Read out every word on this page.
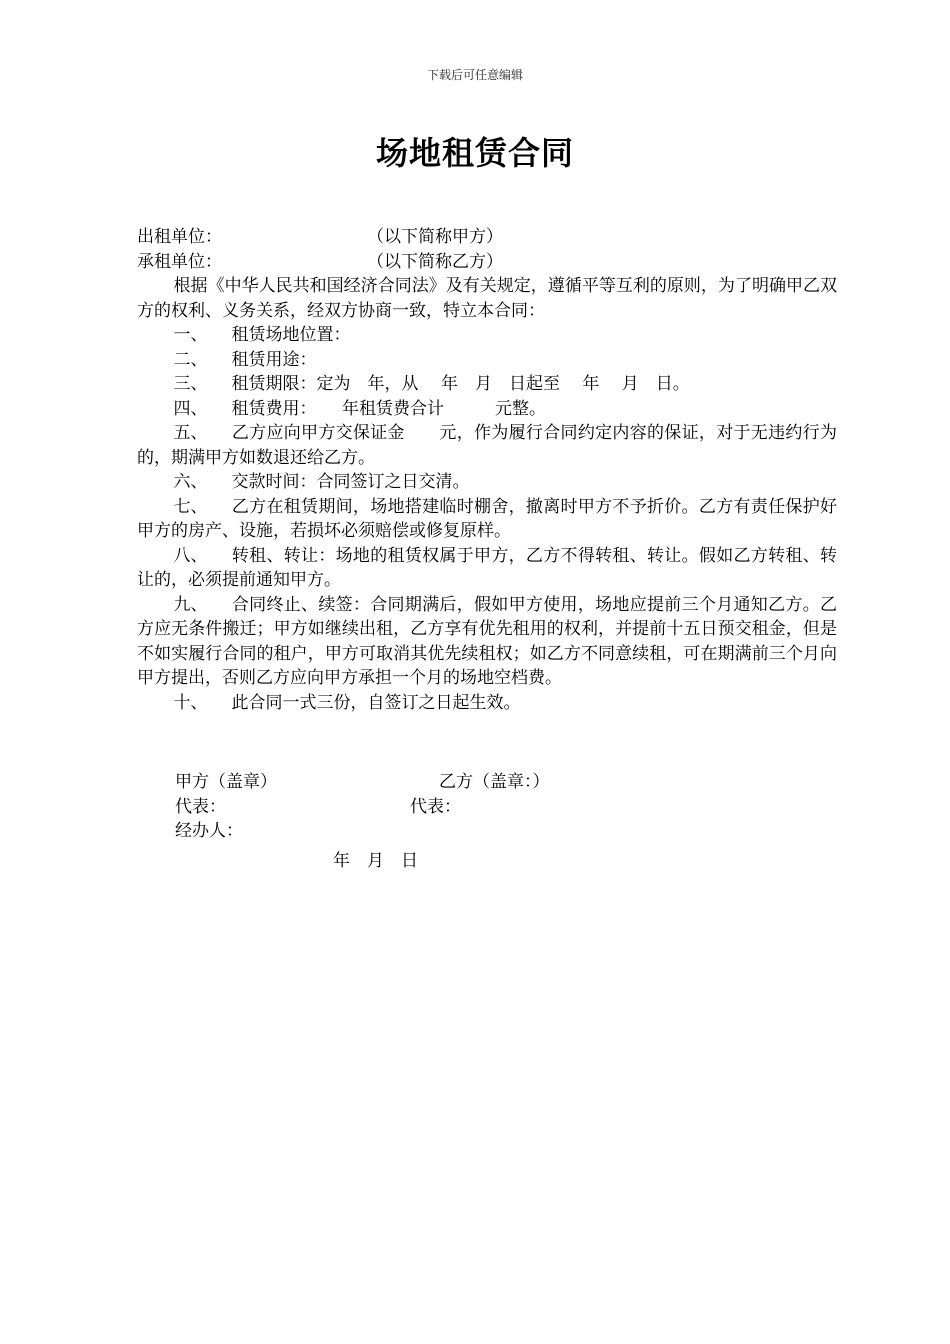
下载后可任意编辑
场地租赁合同
出租单位：	（以下简称甲方）
承租单位：	（以下简称乙方）
根据《中华人民共和国经济合同法》及有关规定，遵循平等互利的原则，为了明确甲乙双方的权利、义务关系，经双方协商一致，特立本合同：
一、 租赁场地位置：
二、 租赁用途：
三、 租赁期限：定为　年，从　 年　月　日起至　 年　 月　日。
四、 租赁费用：　　年租赁费合计　　　元整。
五、 乙方应向甲方交保证金　　元，作为履行合同约定内容的保证，对于无违约行为的，期满甲方如数退还给乙方。
六、 交款时间：合同签订之日交清。
七、 乙方在租赁期间，场地搭建临时棚舍，撤离时甲方不予折价。乙方有责任保护好甲方的房产、设施，若损坏必须赔偿或修复原样。
八、 转租、转让：场地的租赁权属于甲方，乙方不得转租、转让。假如乙方转租、转让的，必须提前通知甲方。
九、 合同终止、续签：合同期满后，假如甲方使用，场地应提前三个月通知乙方。乙方应无条件搬迁；甲方如继续出租，乙方享有优先租用的权利，并提前十五日预交租金，但是不如实履行合同的租户，甲方可取消其优先续租权；如乙方不同意续租，可在期满前三个月向甲方提出，否则乙方应向甲方承担一个月的场地空档费。
十、 此合同一式三份，自签订之日起生效。
甲方（盖章）	乙方（盖章：）
代表：	代表：
经办人：
年　月　日
